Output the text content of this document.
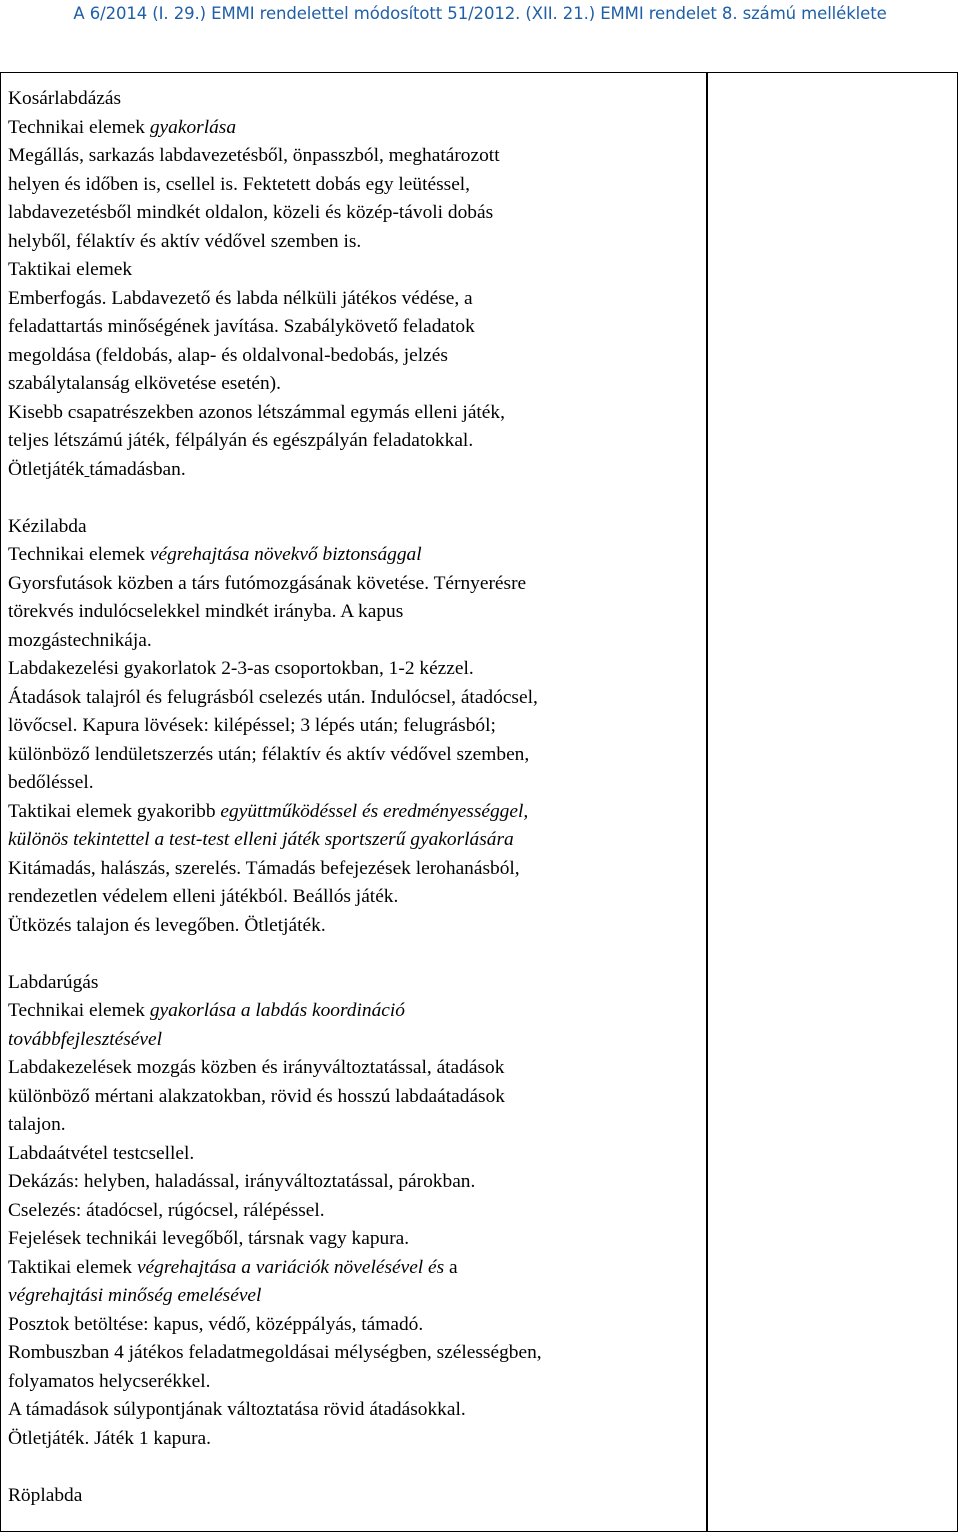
A 6/2014 (I. 29.) EMMI rendelettel módosított 51/2012. (XII. 21.) EMMI rendelet 8. számú melléklete
Kosárlabdázás
Technikai elemek gyakorlása
Megállás, sarkazás labdavezetésből, önpasszból, meghatározott
helyen és időben is, csellel is. Fektetett dobás egy leütéssel,
labdavezetésből mindkét oldalon, közeli és közép-távoli dobás
helyből, félaktív és aktív védővel szemben is.
Taktikai elemek
Emberfogás. Labdavezető és labda nélküli játékos védése, a
feladattartás minőségének javítása. Szabálykövető feladatok
megoldása (feldobás, alap- és oldalvonal-bedobás, jelzés
szabálytalanság elkövetése esetén).
Kisebb csapatrészekben azonos létszámmal egymás elleni játék,
teljes létszámú játék, félpályán és egészpályán feladatokkal.
Ötletjáték támadásban.
Kézilabda
Technikai elemek végrehajtása növekvő biztonsággal
Gyorsfutások közben a társ futómozgásának követése. Térnyerésre
törekvés indulócselekkel mindkét irányba. A kapus
mozgástechnikája.
Labdakezelési gyakorlatok 2-3-as csoportokban, 1-2 kézzel.
Átadások talajról és felugrásból cselezés után. Indulócsel, átadócsel,
lövőcsel. Kapura lövések: kilépéssel; 3 lépés után; felugrásból;
különböző lendületszerzés után; félaktív és aktív védővel szemben,
bedőléssel.
Taktikai elemek gyakoribb együttműködéssel és eredményességgel,
különös tekintettel a test-test elleni játék sportszerű gyakorlására
Kitámadás, halászás, szerelés. Támadás befejezések lerohanásból,
rendezetlen védelem elleni játékból. Beállós játék.
Ütközés talajon és levegőben. Ötletjáték.
Labdarúgás
Technikai elemek gyakorlása a labdás koordináció
továbbfejlesztésével
Labdakezelések mozgás közben és irányváltoztatással, átadások
különböző mértani alakzatokban, rövid és hosszú labdaátadások
talajon.
Labdaátvétel testcsellel.
Dekázás: helyben, haladással, irányváltoztatással, párokban.
Cselezés: átadócsel, rúgócsel, rálépéssel.
Fejelések technikái levegőből, társnak vagy kapura.
Taktikai elemek végrehajtása a variációk növelésével és a
végrehajtási minőség emelésével
Posztok betöltése: kapus, védő, középpályás, támadó.
Rombuszban 4 játékos feladatmegoldásai mélységben, szélességben,
folyamatos helycserékkel.
A támadások súlypontjának változtatása rövid átadásokkal.
Ötletjáték. Játék 1 kapura.
Röplabda
